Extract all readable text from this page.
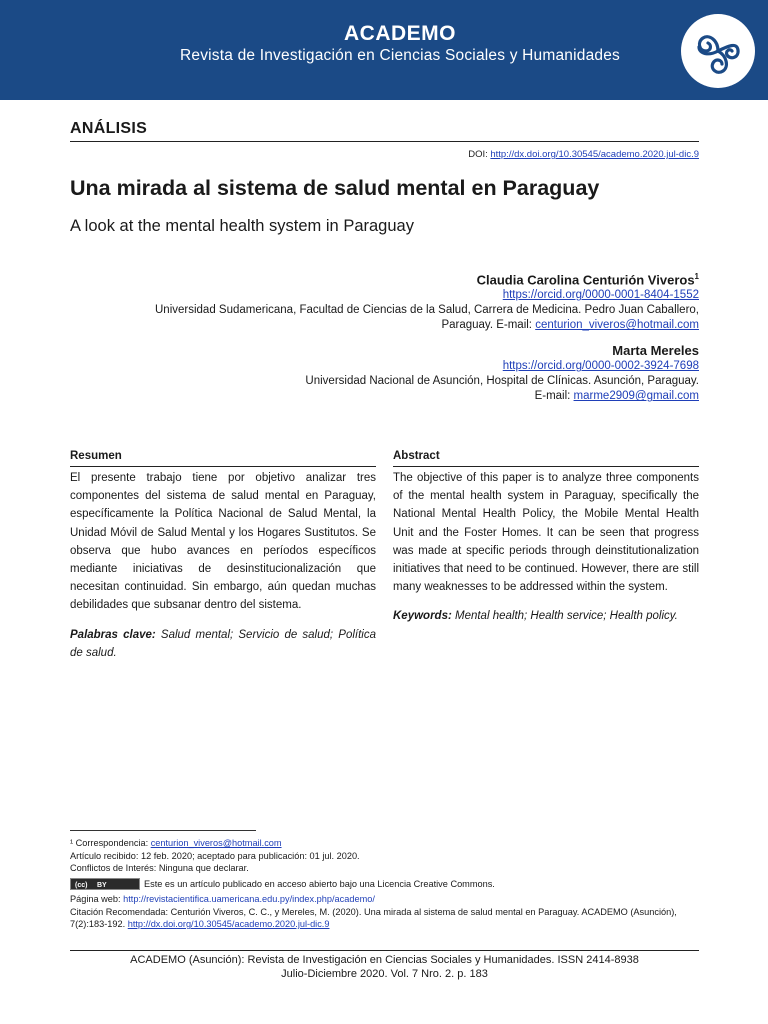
ACADEMO
Revista de Investigación en Ciencias Sociales y Humanidades
ANÁLISIS
DOI: http://dx.doi.org/10.30545/academo.2020.jul-dic.9
Una mirada al sistema de salud mental en Paraguay
A look at the mental health system in Paraguay
Claudia Carolina Centurión Viveros$^1$
https://orcid.org/0000-0001-8404-1552
Universidad Sudamericana, Facultad de Ciencias de la Salud, Carrera de Medicina. Pedro Juan Caballero,
Paraguay. E-mail: centurion_viveros@hotmail.com
Marta Mereles
https://orcid.org/0000-0002-3924-7698
Universidad Nacional de Asunción, Hospital de Clínicas. Asunción, Paraguay.
E-mail: marme2909@gmail.com
Resumen
El presente trabajo tiene por objetivo analizar tres componentes del sistema de salud mental en Paraguay, específicamente la Política Nacional de Salud Mental, la Unidad Móvil de Salud Mental y los Hogares Sustitutos. Se observa que hubo avances en períodos específicos mediante iniciativas de desinstitucionalización que necesitan continuidad. Sin embargo, aún quedan muchas debilidades que subsanar dentro del sistema.
Palabras clave: Salud mental; Servicio de salud; Política de salud.
Abstract
The objective of this paper is to analyze three components of the mental health system in Paraguay, specifically the National Mental Health Policy, the Mobile Mental Health Unit and the Foster Homes. It can be seen that progress was made at specific periods through deinstitutionalization initiatives that need to be continued. However, there are still many weaknesses to be addressed within the system.
Keywords: Mental health; Health service; Health policy.

¹ Correspondencia: centurion_viveros@hotmail.com

Artículo recibido: 12 feb. 2020; aceptado para publicación: 01 jul. 2020.

Conflictos de Interés: Ninguna que declarar.

(cc) BY	Este es un artículo publicado en acceso abierto bajo una Licencia Creative Commons.

Página web: http://revistacientifica.uamericana.edu.py/index.php/academo/

Citación Recomendada: Centurión Viveros, C. C., y Mereles, M. (2020). Una mirada al sistema de salud mental en Paraguay. ACADEMO (Asunción), 7(2):183-192. http://dx.doi.org/10.30545/academo.2020.jul-dic.9

ACADEMO (Asunción): Revista de Investigación en Ciencias Sociales y Humanidades. ISSN 2414-8938
Julio-Diciembre 2020. Vol. 7 Nro. 2. p. 183
